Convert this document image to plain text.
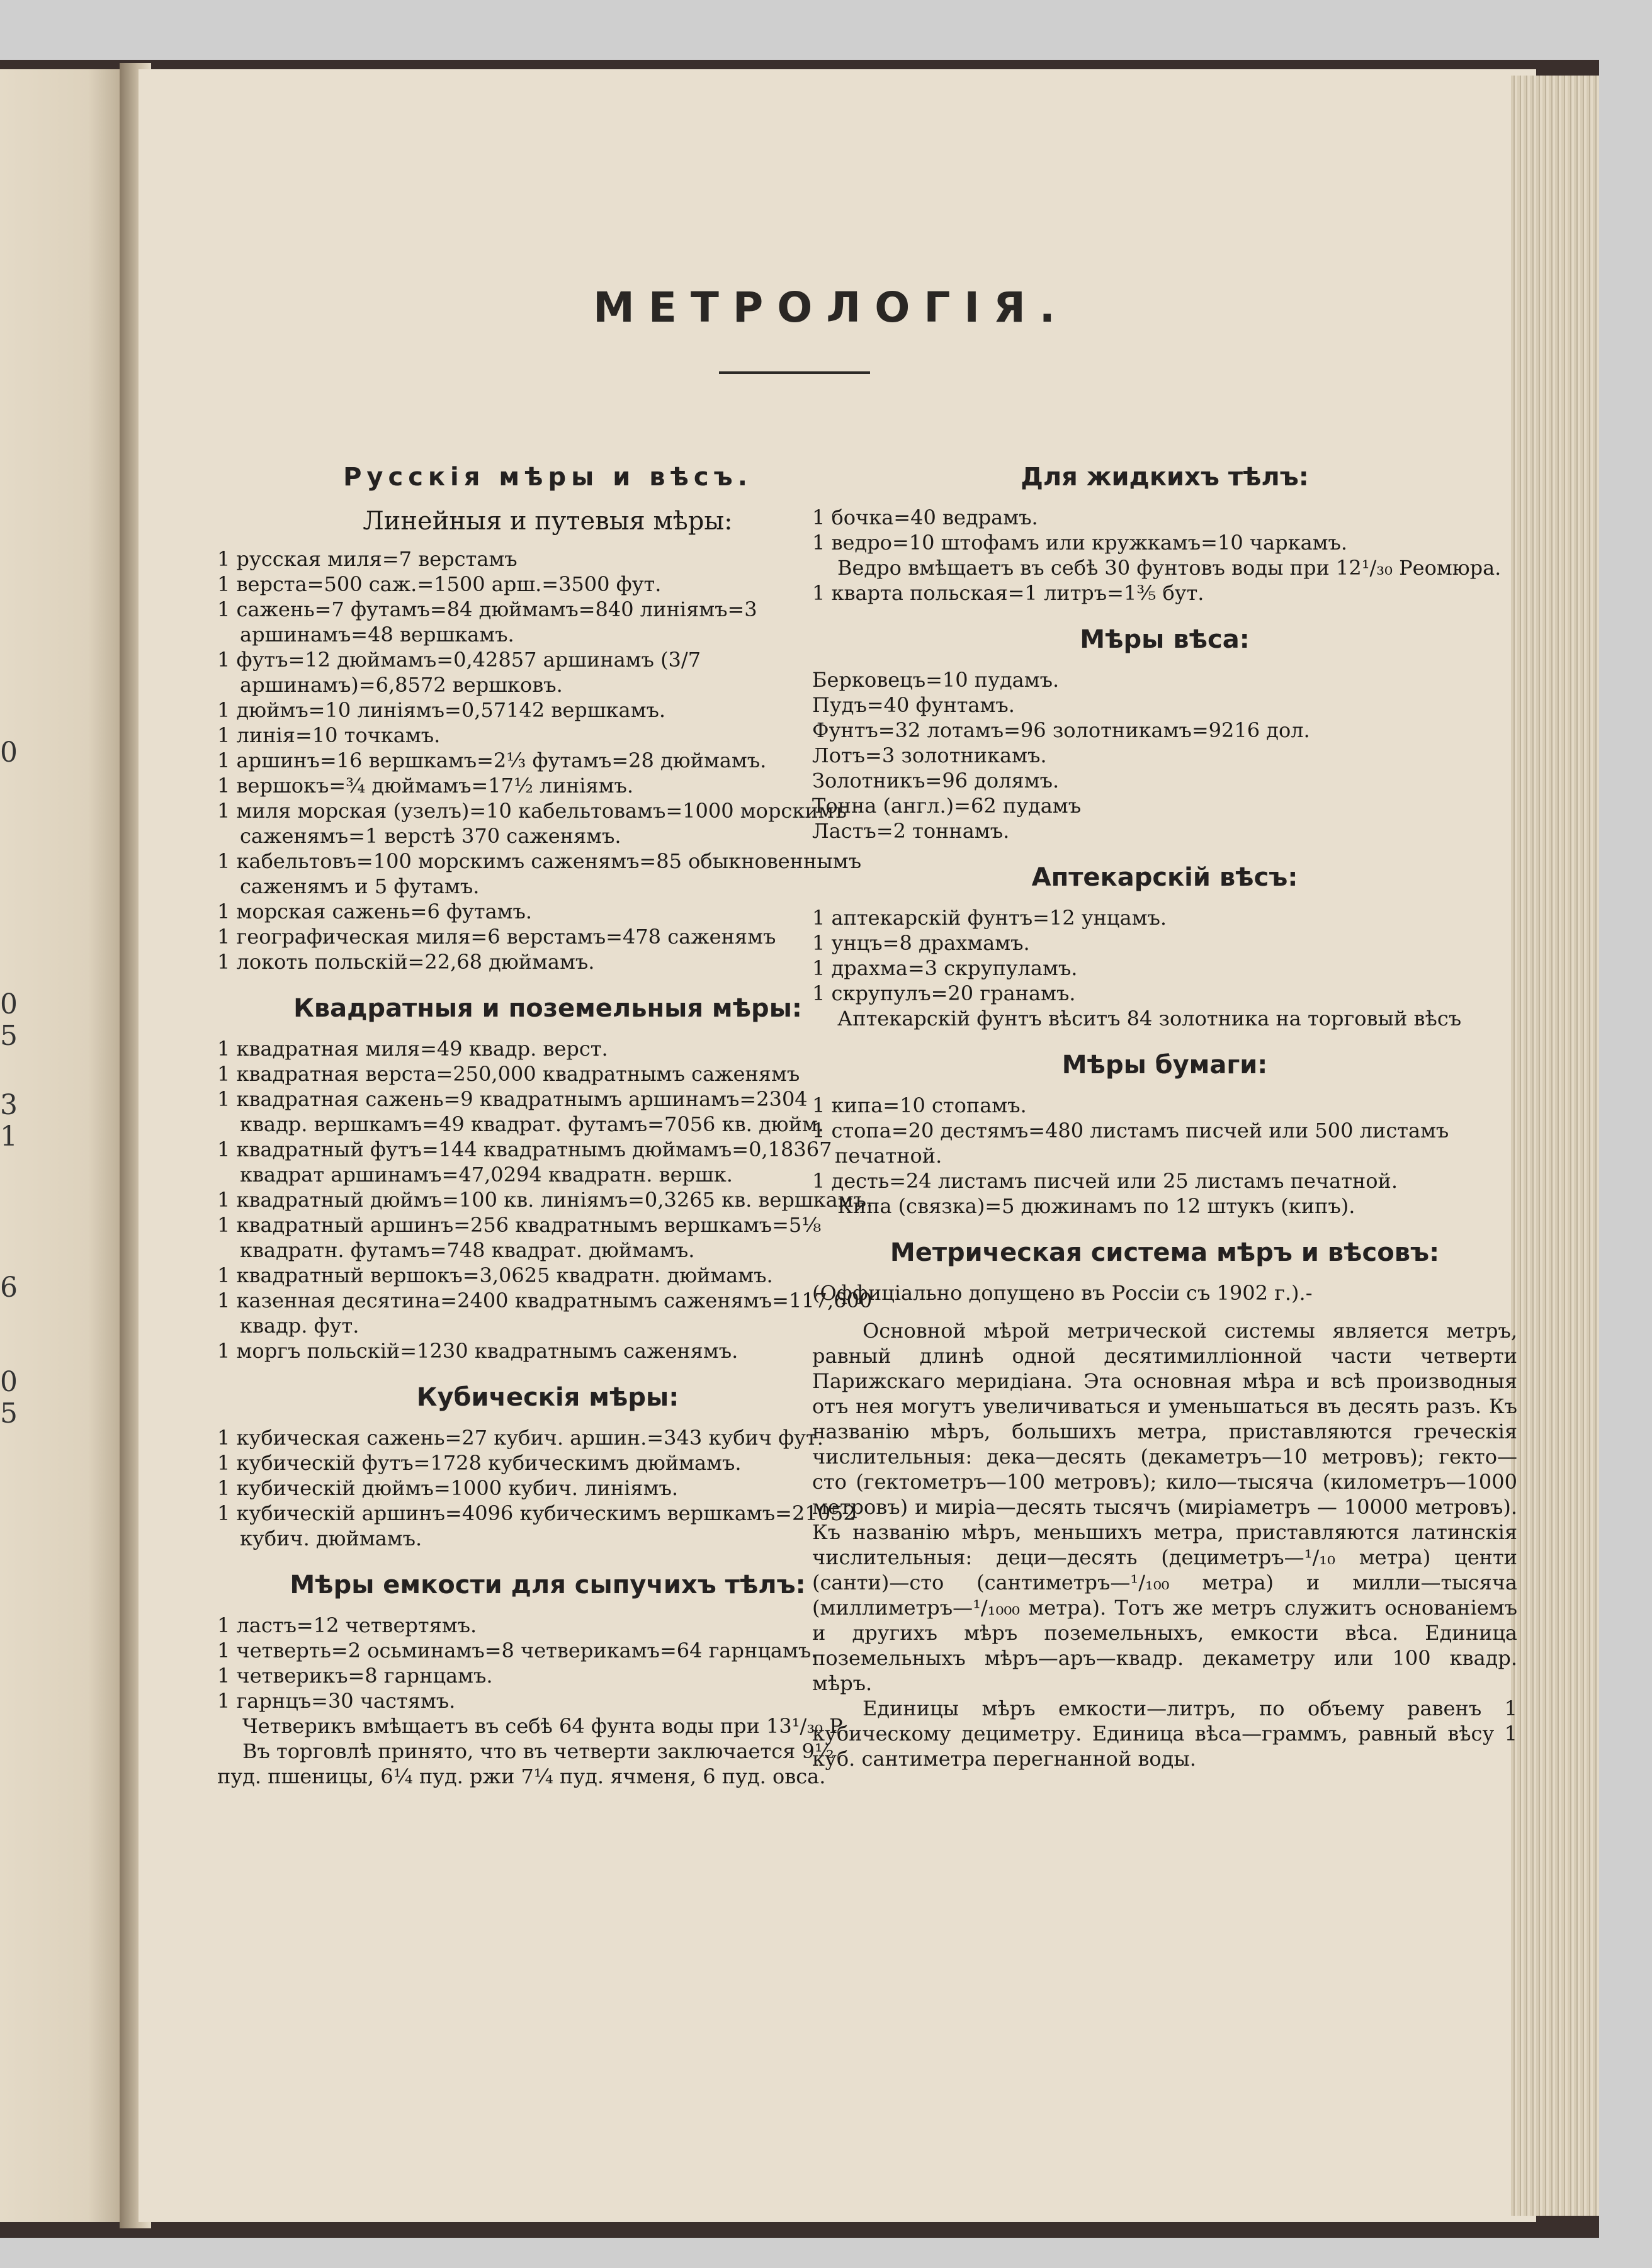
0
0
5
3
1
6
0
5
МЕТРОЛОГІЯ.
Русскія мѣры и вѣсъ.
Линейныя и путевыя мѣры:

1 русская миля=7 верстамъ

1 верста=500 саж.=1500 арш.=3500 фут.

1 сажень=7 футамъ=84 дюймамъ=840 линіямъ=3 аршинамъ=48 вершкамъ.

1 футъ=12 дюймамъ=0,42857 аршинамъ (3/7 аршинамъ)=6,8572 вершковъ.

1 дюймъ=10 линіямъ=0,57142 вершкамъ.

1 линія=10 точкамъ.

1 аршинъ=16 вершкамъ=2⅓ футамъ=28 дюймамъ.

1 вершокъ=¾ дюймамъ=17½ линіямъ.

1 миля морская (узелъ)=10 кабельтовамъ=1000 морскимъ саженямъ=1 верстѣ 370 саженямъ.

1 кабельтовъ=100 морскимъ саженямъ=85 обыкновеннымъ саженямъ и 5 футамъ.

1 морская сажень=6 футамъ.

1 географическая миля=6 верстамъ=478 саженямъ

1 локоть польскій=22,68 дюймамъ.

Квадратныя и поземельныя мѣры:

1 квадратная миля=49 квадр. верст.

1 квадратная верста=250,000 квадратнымъ саженямъ

1 квадратная сажень=9 квадратнымъ аршинамъ=2304 квадр. вершкамъ=49 квадрат. футамъ=7056 кв. дюйм.

1 квадратный футъ=144 квадратнымъ дюймамъ=0,18367 квадрат аршинамъ=47,0294 квадратн. вершк.

1 квадратный дюймъ=100 кв. линіямъ=0,3265 кв. вершкамъ.

1 квадратный аршинъ=256 квадратнымъ вершкамъ=5⅛ квадратн. футамъ=748 квадрат. дюймамъ.

1 квадратный вершокъ=3,0625 квадратн. дюймамъ.

1 казенная десятина=2400 квадратнымъ саженямъ=117,600 квадр. фут.

1 моргъ польскій=1230 квадратнымъ саженямъ.

Кубическія мѣры:

1 кубическая сажень=27 кубич. аршин.=343 кубич фут.

1 кубическій футъ=1728 кубическимъ дюймамъ.

1 кубическій дюймъ=1000 кубич. линіямъ.

1 кубическій аршинъ=4096 кубическимъ вершкамъ=21052 кубич. дюймамъ.

Мѣры емкости для сыпучихъ тѣлъ:

1 ластъ=12 четвертямъ.

1 четверть=2 осьминамъ=8 четверикамъ=64 гарнцамъ.

1 четверикъ=8 гарнцамъ.

1 гарнцъ=30 частямъ.

Четверикъ вмѣщаетъ въ себѣ 64 фунта воды при 13¹/₃₀ Р.

Въ торговлѣ принято, что въ четверти заключается 9½ пуд. пшеницы, 6¼ пуд. ржи 7¼ пуд. ячменя, 6 пуд. овса.

Для жидкихъ тѣлъ:

1 бочка=40 ведрамъ.

1 ведро=10 штофамъ или кружкамъ=10 чаркамъ.

Ведро вмѣщаетъ въ себѣ 30 фунтовъ воды при 12¹/₃₀ Реомюра.

1 кварта польская=1 литръ=1⅗ бут.

Мѣры вѣса:

Берковецъ=10 пудамъ.

Пудъ=40 фунтамъ.

Фунтъ=32 лотамъ=96 золотникамъ=9216 дол.

Лотъ=3 золотникамъ.

Золотникъ=96 долямъ.

Тонна (англ.)=62 пудамъ

Ластъ=2 тоннамъ.

Аптекарскій вѣсъ:

1 аптекарскій фунтъ=12 унцамъ.

1 унцъ=8 драхмамъ.

1 драхма=3 скрупуламъ.

1 скрупулъ=20 гранамъ.

Аптекарскій фунтъ вѣситъ 84 золотника на торговый вѣсъ

Мѣры бумаги:

1 кипа=10 стопамъ.

1 стопа=20 дестямъ=480 листамъ писчей или 500 листамъ печатной.

1 десть=24 листамъ писчей или 25 листамъ печатной.

Кипа (связка)=5 дюжинамъ по 12 штукъ (кипъ).

Метрическая система мѣръ и вѣсовъ:

(Оффиціально допущено въ Россіи съ 1902 г.).-

Основной мѣрой метрической системы является метръ, равный длинѣ одной десятимилліонной части четверти Парижскаго меридіана. Эта основная мѣра и всѣ производныя отъ нея могутъ увеличиваться и уменьшаться въ десять разъ. Къ названію мѣръ, большихъ метра, приставляются греческія числительныя: дека—десять (декаметръ—10 метровъ); гекто—сто (гектометръ—100 метровъ); кило—тысяча (километръ—1000 метровъ) и миріа—десять тысячъ (миріаметръ — 10000 метровъ). Къ названію мѣръ, меньшихъ метра, приставляются латинскія числительныя: деци—десять (дециметръ—¹/₁₀ метра) центи (санти)—сто (сантиметръ—¹/₁₀₀ метра) и милли—тысяча (миллиметръ—¹/₁₀₀₀ метра). Тотъ же метръ служитъ основаніемъ и другихъ мѣръ поземельныхъ, емкости вѣса. Единица поземельныхъ мѣръ—аръ—квадр. декаметру или 100 квадр. мѣръ.

Единицы мѣръ емкости—литръ, по объему равенъ 1 кубическому дециметру. Единица вѣса—граммъ, равный вѣсу 1 куб. сантиметра перегнанной воды.
